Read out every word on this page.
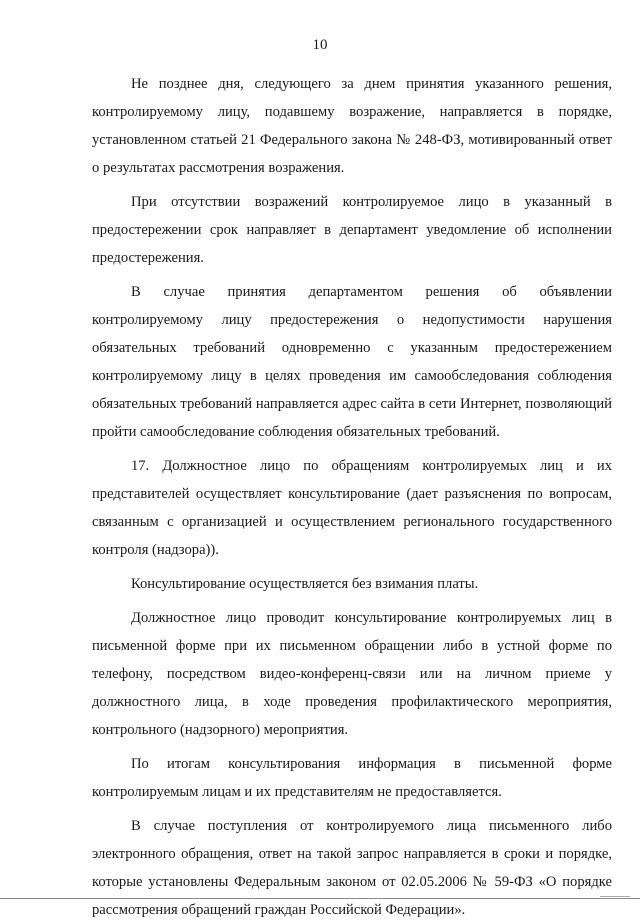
10

Не позднее дня, следующего за днем принятия указанного решения, контролируемому лицу, подавшему возражение, направляется в порядке, установленном статьей 21 Федерального закона № 248-ФЗ, мотивированный ответ о результатах рассмотрения возражения.

При отсутствии возражений контролируемое лицо в указанный в предостережении срок направляет в департамент уведомление об исполнении предостережения.

В случае принятия департаментом решения об объявлении контролируемому лицу предостережения о недопустимости нарушения обязательных требований одновременно с указанным предостережением контролируемому лицу в целях проведения им самообследования соблюдения обязательных требований направляется адрес сайта в сети Интернет, позволяющий пройти самообследование соблюдения обязательных требований.

17. Должностное лицо по обращениям контролируемых лиц и их представителей осуществляет консультирование (дает разъяснения по вопросам, связанным с организацией и осуществлением регионального государственного контроля (надзора)).

Консультирование осуществляется без взимания платы.

Должностное лицо проводит консультирование контролируемых лиц в письменной форме при их письменном обращении либо в устной форме по телефону, посредством видео-конференц-связи или на личном приеме у должностного лица, в ходе проведения профилактического мероприятия, контрольного (надзорного) мероприятия.

По итогам консультирования информация в письменной форме контролируемым лицам и их представителям не предоставляется.

В случае поступления от контролируемого лица письменного либо электронного обращения, ответ на такой запрос направляется в сроки и порядке, которые установлены Федеральным законом от 02.05.2006 № 59-ФЗ «О порядке рассмотрения обращений граждан Российской Федерации».
